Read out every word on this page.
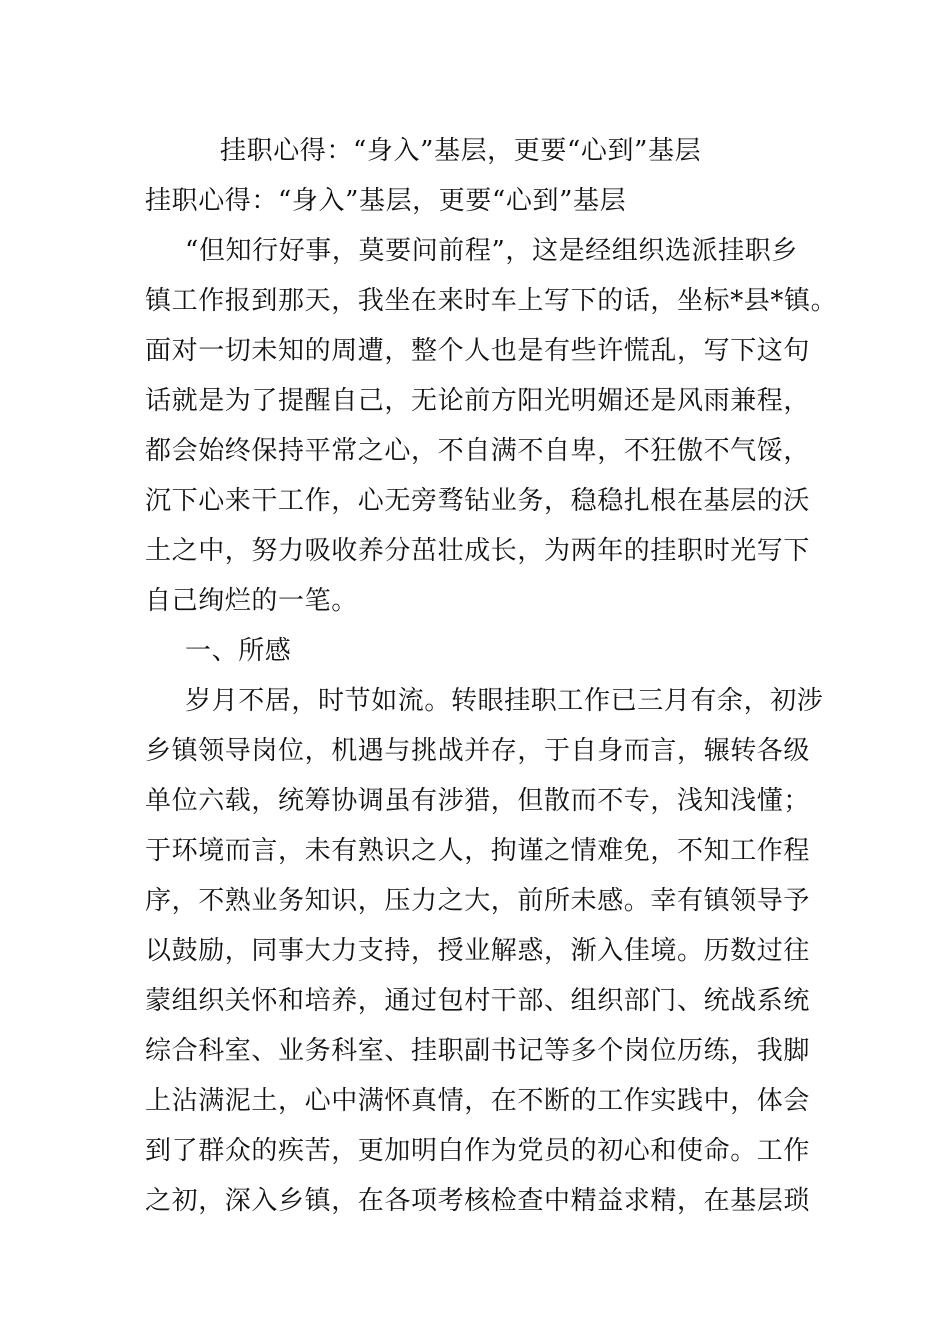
挂职心得：“身入”基层，更要“心到”基层
挂职心得：“身入”基层，更要“心到”基层
“但知行好事，莫要问前程”，这是经组织选派挂职乡
镇工作报到那天，我坐在来时车上写下的话，坐标*县*镇。
面对一切未知的周遭，整个人也是有些许慌乱，写下这句
话就是为了提醒自己，无论前方阳光明媚还是风雨兼程，
都会始终保持平常之心，不自满不自卑，不狂傲不气馁，
沉下心来干工作，心无旁骛钻业务，稳稳扎根在基层的沃
土之中，努力吸收养分茁壮成长，为两年的挂职时光写下
自己绚烂的一笔。
一、所感
岁月不居，时节如流。转眼挂职工作已三月有余，初涉
乡镇领导岗位，机遇与挑战并存，于自身而言，辗转各级
单位六载，统筹协调虽有涉猎，但散而不专，浅知浅懂；
于环境而言，未有熟识之人，拘谨之情难免，不知工作程
序，不熟业务知识，压力之大，前所未感。幸有镇领导予
以鼓励，同事大力支持，授业解惑，渐入佳境。历数过往
蒙组织关怀和培养，通过包村干部、组织部门、统战系统
综合科室、业务科室、挂职副书记等多个岗位历练，我脚
上沾满泥土，心中满怀真情，在不断的工作实践中，体会
到了群众的疾苦，更加明白作为党员的初心和使命。工作
之初，深入乡镇，在各项考核检查中精益求精，在基层琐
